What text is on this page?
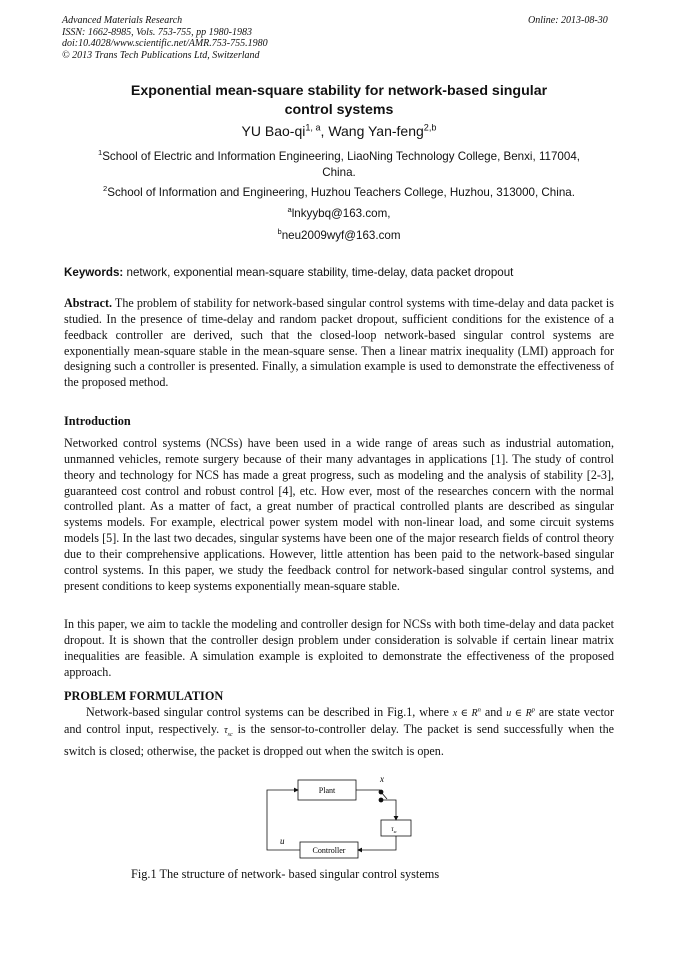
Advanced Materials Research
ISSN: 1662-8985, Vols. 753-755, pp 1980-1983
doi:10.4028/www.scientific.net/AMR.753-755.1980
© 2013 Trans Tech Publications Ltd, Switzerland
Online: 2013-08-30
Exponential mean-square stability for network-based singular
control systems
YU Bao-qi$^{1, a}$, Wang Yan-feng$^{2,b}$
$^1$School of Electric and Information Engineering, LiaoNing Technology College, Benxi, 117004,
China.
$^2$School of Information and Engineering, Huzhou Teachers College, Huzhou, 313000, China.
$^a$lnkyybq@163.com,
$^b$neu2009wyf@163.com
Keywords: network, exponential mean-square stability, time-delay, data packet dropout
Abstract. The problem of stability for network-based singular control systems with time-delay and data packet is studied. In the presence of time-delay and random packet dropout, sufficient conditions for the existence of a feedback controller are derived, such that the closed-loop network-based singular control systems are exponentially mean-square stable in the mean-square sense. Then a linear matrix inequality (LMI) approach for designing such a controller is presented. Finally, a simulation example is used to demonstrate the effectiveness of the proposed method.
Introduction
Networked control systems (NCSs) have been used in a wide range of areas such as industrial automation, unmanned vehicles, remote surgery because of their many advantages in applications [1]. The study of control theory and technology for NCS has made a great progress, such as modeling and the analysis of stability [2-3], guaranteed cost control and robust control [4], etc. How ever, most of the researches concern with the normal controlled plant. As a matter of fact, a great number of practical controlled plants are described as singular systems models. For example, electrical power system model with non-linear load, and some circuit systems models [5]. In the last two decades, singular systems have been one of the major research fields of control theory due to their comprehensive applications. However, little attention has been paid to the network-based singular control systems. In this paper, we study the feedback control for network-based singular control systems, and present conditions to keep systems exponentially mean-square stable.
In this paper, we aim to tackle the modeling and controller design for NCSs with both time-delay and data packet dropout. It is shown that the controller design problem under consideration is solvable if certain linear matrix inequalities are feasible. A simulation example is exploited to demonstrate the effectiveness of the proposed approach.
PROBLEM FORMULATION
Network-based singular control systems can be described in Fig.1, where x ∈ $R^n$ and u ∈ $R^p$ are state vector and control input, respectively. $\tau_{sc}$ is the sensor-to-controller delay. The packet is send successfully when the switch is closed; otherwise, the packet is dropped out when the switch is open.
Plant
Controller
$\tau_{sc}$
x
u
Fig.1 The structure of network- based singular control systems
